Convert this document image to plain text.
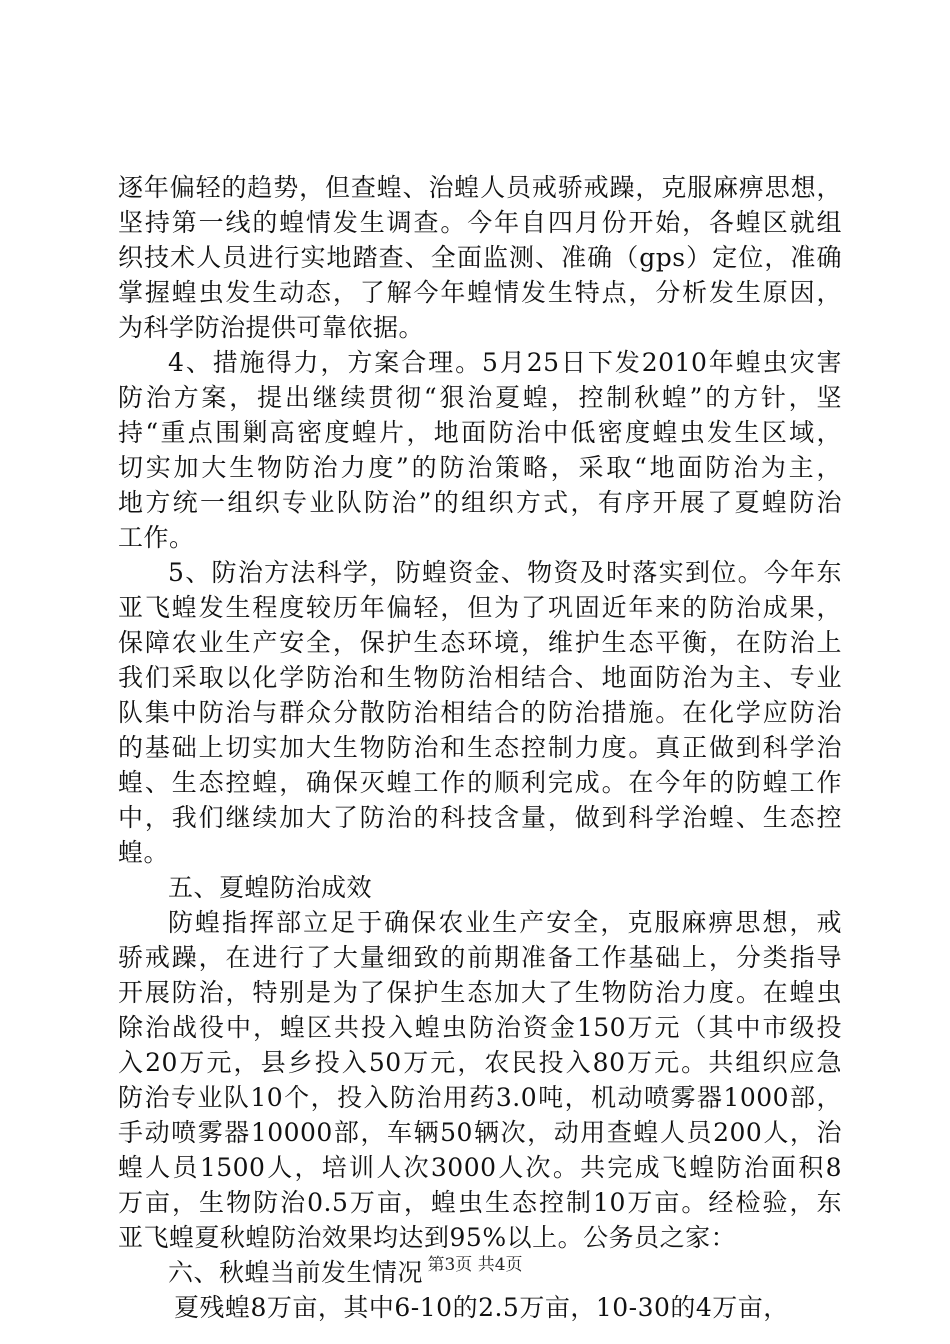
逐年偏轻的趋势，但查蝗、治蝗人员戒骄戒躁，克服麻痹思想，
坚持第一线的蝗情发生调查。今年自四月份开始，各蝗区就组
织技术人员进行实地踏查、全面监测、准确（gps）定位，准确
掌握蝗虫发生动态，了解今年蝗情发生特点，分析发生原因，
为科学防治提供可靠依据。
4、措施得力，方案合理。5月25日下发2010年蝗虫灾害
防治方案，提出继续贯彻“狠治夏蝗，控制秋蝗”的方针，坚
持“重点围剿高密度蝗片，地面防治中低密度蝗虫发生区域，
切实加大生物防治力度”的防治策略，采取“地面防治为主，
地方统一组织专业队防治”的组织方式，有序开展了夏蝗防治
工作。
5、防治方法科学，防蝗资金、物资及时落实到位。今年东
亚飞蝗发生程度较历年偏轻，但为了巩固近年来的防治成果，
保障农业生产安全，保护生态环境，维护生态平衡，在防治上
我们采取以化学防治和生物防治相结合、地面防治为主、专业
队集中防治与群众分散防治相结合的防治措施。在化学应防治
的基础上切实加大生物防治和生态控制力度。真正做到科学治
蝗、生态控蝗，确保灭蝗工作的顺利完成。在今年的防蝗工作
中，我们继续加大了防治的科技含量，做到科学治蝗、生态控
蝗。
五、夏蝗防治成效
防蝗指挥部立足于确保农业生产安全，克服麻痹思想，戒
骄戒躁，在进行了大量细致的前期准备工作基础上，分类指导
开展防治，特别是为了保护生态加大了生物防治力度。在蝗虫
除治战役中，蝗区共投入蝗虫防治资金150万元（其中市级投
入20万元，县乡投入50万元，农民投入80万元。共组织应急
防治专业队10个，投入防治用药3.0吨，机动喷雾器1000部，
手动喷雾器10000部，车辆50辆次，动用查蝗人员200人，治
蝗人员1500人，培训人次3000人次。共完成飞蝗防治面积8
万亩，生物防治0.5万亩，蝗虫生态控制10万亩。经检验，东
亚飞蝗夏秋蝗防治效果均达到95%以上。公务员之家：
六、秋蝗当前发生情况
夏残蝗8万亩，其中6-10的2.5万亩，10-30的4万亩，
第3页 共4页
